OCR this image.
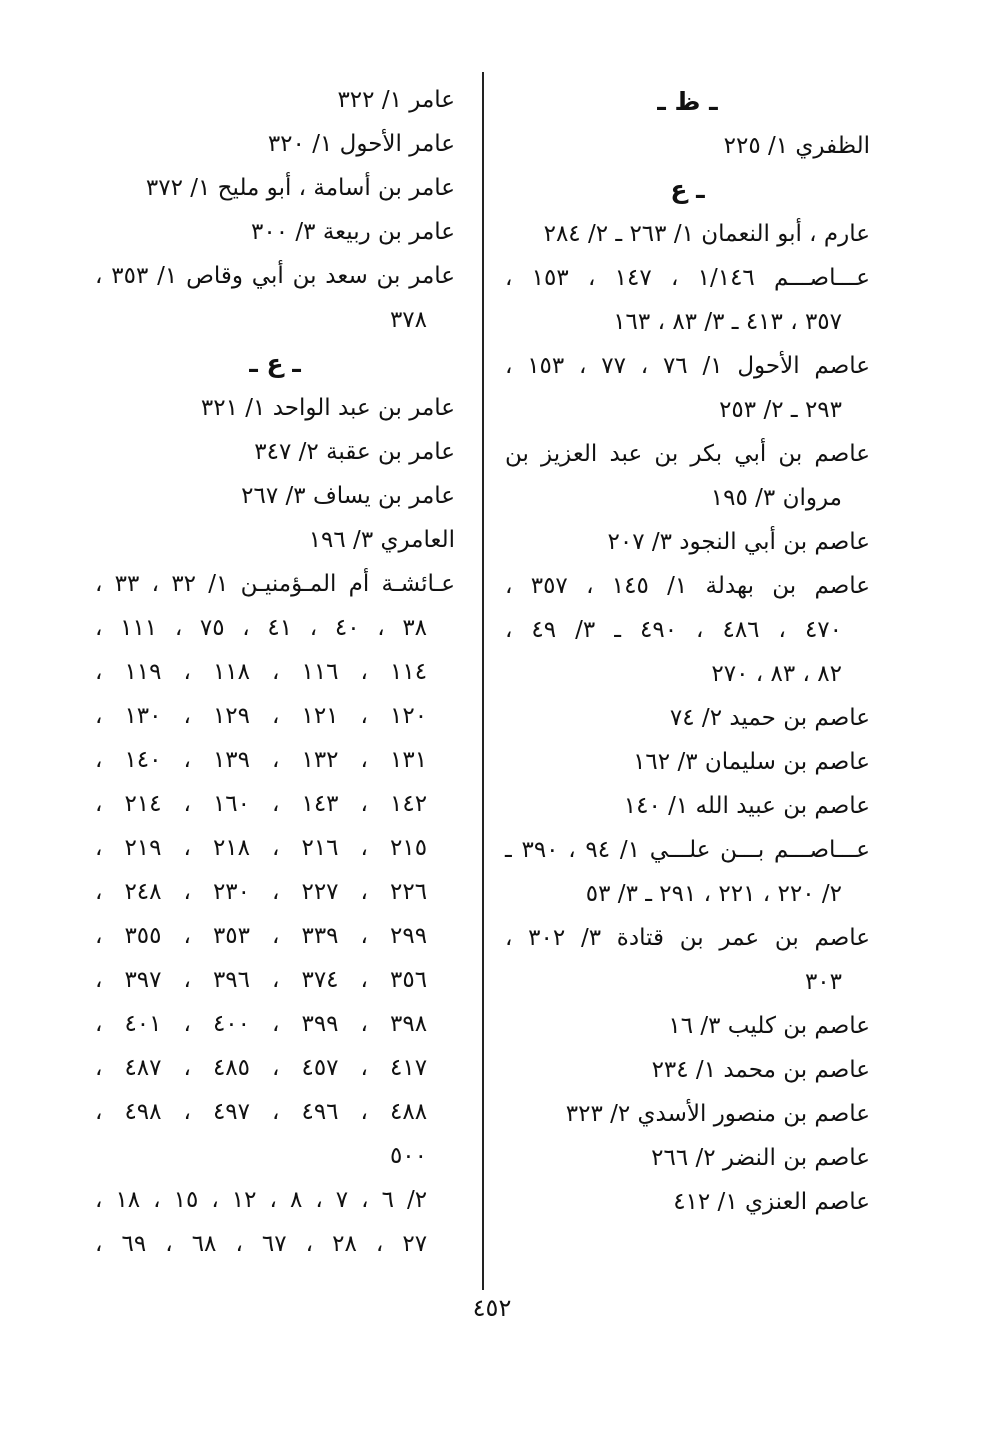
ـ ظ ـ
الظفري ١/ ٢٢٥
ـ ع
عارم ، أبو النعمان ١/ ٢٦٣ ـ ٢/ ٢٨٤
عـــاصـــم ١/١٤٦ ، ١٤٧ ، ١٥٣ ،
٣٥٧ ، ٤١٣ ـ ٣/ ٨٣ ، ١٦٣
عاصم الأحول ١/ ٧٦ ، ٧٧ ، ١٥٣ ،
٢٩٣ ـ ٢/ ٢٥٣
عاصم بن أبي بكر بن عبد العزيز بن
مروان ٣/ ١٩٥
عاصم بن أبي النجود ٣/ ٢٠٧
عاصم بن بهدلة ١/ ١٤٥ ، ٣٥٧ ،
٤٧٠ ، ٤٨٦ ، ٤٩٠ ـ ٣/ ٤٩ ،
٨٢ ، ٨٣ ، ٢٧٠
عاصم بن حميد ٢/ ٧٤
عاصم بن سليمان ٣/ ١٦٢
عاصم بن عبيد الله ١/ ١٤٠
عـــاصـــم بـــن علـــي ١/ ٩٤ ، ٣٩٠ ـ
٢/ ٢٢٠ ، ٢٢١ ، ٢٩١ ـ ٣/ ٥٣
عاصم بن عمر بن قتادة ٣/ ٣٠٢ ،
٣٠٣
عاصم بن كليب ٣/ ١٦
عاصم بن محمد ١/ ٢٣٤
عاصم بن منصور الأسدي ٢/ ٣٢٣
عاصم بن النضر ٢/ ٢٦٦
عاصم العنزي ١/ ٤١٢
عامر ١/ ٣٢٢
عامر الأحول ١/ ٣٢٠
عامر بن أسامة ، أبو مليح ١/ ٣٧٢
عامر بن ربيعة ٣/ ٣٠٠
عامر بن سعد بن أبي وقاص ١/ ٣٥٣ ،
٣٧٨
ـ ع ـ
عامر بن عبد الواحد ١/ ٣٢١
عامر بن عقبة ٢/ ٣٤٧
عامر بن يساف ٣/ ٢٦٧
العامري ٣/ ١٩٦
عـائشـة أم المـؤمنيـن ١/ ٣٢ ، ٣٣ ،
٣٨ ، ٤٠ ، ٤١ ، ٧٥ ، ١١١ ،
١١٤ ، ١١٦ ، ١١٨ ، ١١٩ ،
١٢٠ ، ١٢١ ، ١٢٩ ، ١٣٠ ،
١٣١ ، ١٣٢ ، ١٣٩ ، ١٤٠ ،
١٤٢ ، ١٤٣ ، ١٦٠ ، ٢١٤ ،
٢١٥ ، ٢١٦ ، ٢١٨ ، ٢١٩ ،
٢٢٦ ، ٢٢٧ ، ٢٣٠ ، ٢٤٨ ،
٢٩٩ ، ٣٣٩ ، ٣٥٣ ، ٣٥٥ ،
٣٥٦ ، ٣٧٤ ، ٣٩٦ ، ٣٩٧ ،
٣٩٨ ، ٣٩٩ ، ٤٠٠ ، ٤٠١ ،
٤١٧ ، ٤٥٧ ، ٤٨٥ ، ٤٨٧ ،
٤٨٨ ، ٤٩٦ ، ٤٩٧ ، ٤٩٨ ،
٥٠٠
٢/ ٦ ، ٧ ، ٨ ، ١٢ ، ١٥ ، ١٨ ،
٢٧ ، ٢٨ ، ٦٧ ، ٦٨ ، ٦٩ ،
٤٥٢
